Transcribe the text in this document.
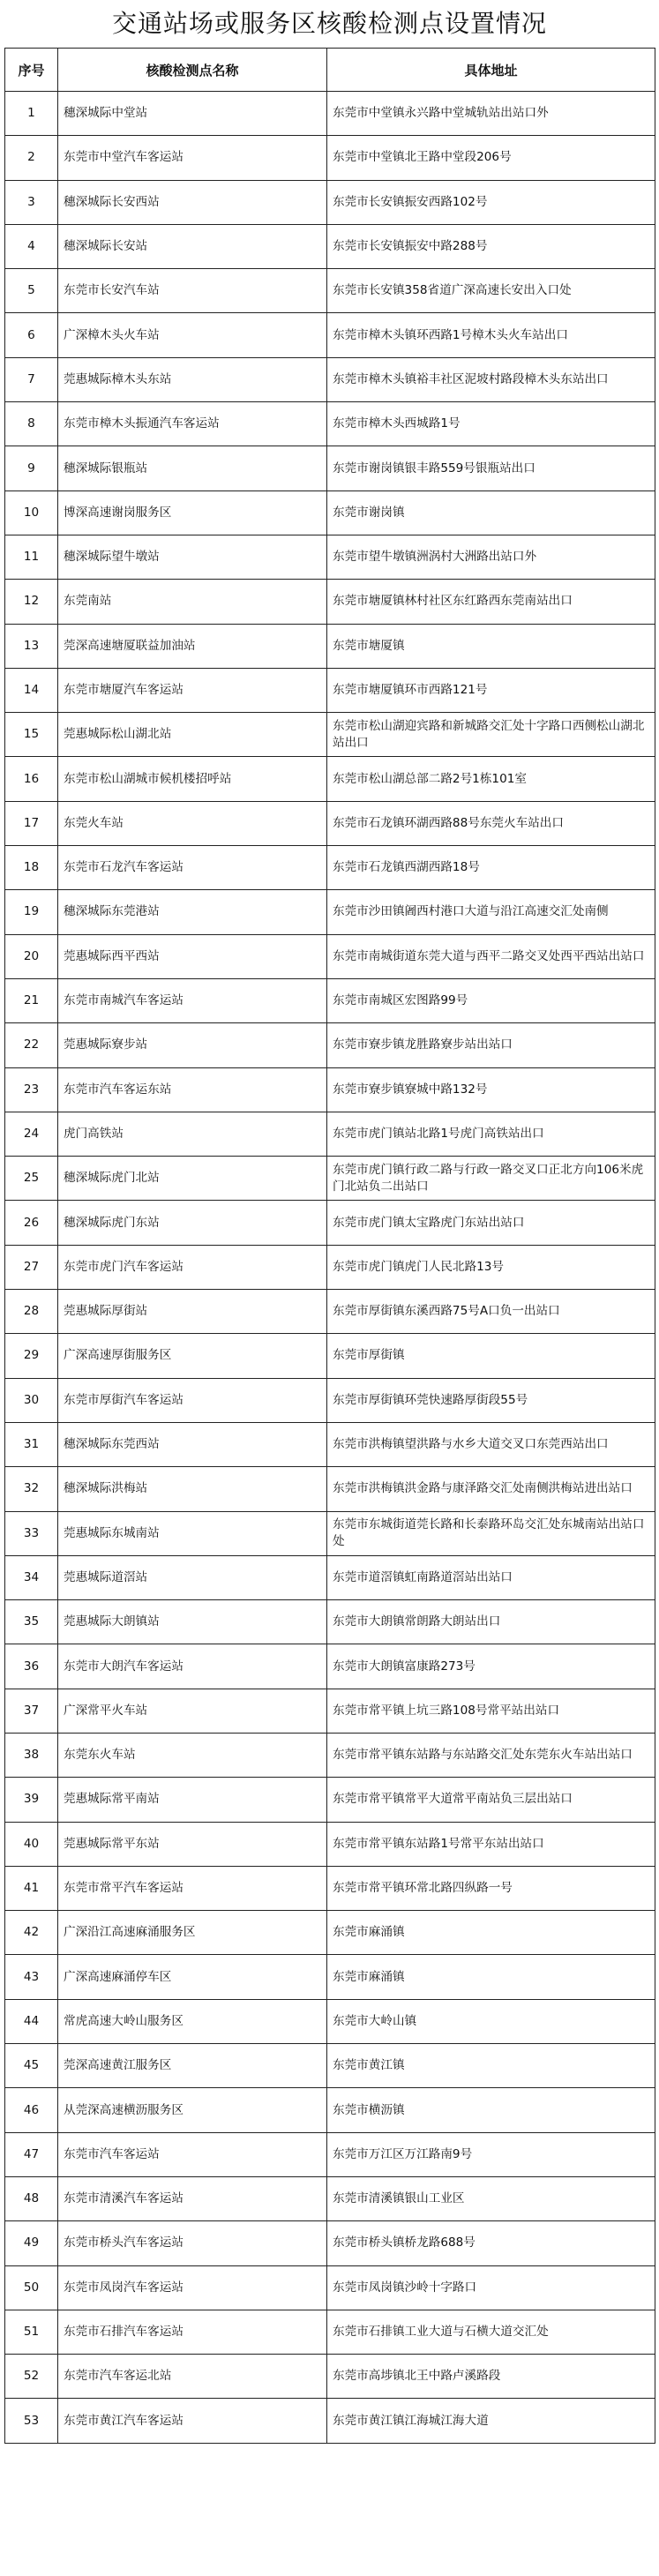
交通站场或服务区核酸检测点设置情况
序号	核酸检测点名称	具体地址
1	穗深城际中堂站	东莞市中堂镇永兴路中堂城轨站出站口外
2	东莞市中堂汽车客运站	东莞市中堂镇北王路中堂段206号
3	穗深城际长安西站	东莞市长安镇振安西路102号
4	穗深城际长安站	东莞市长安镇振安中路288号
5	东莞市长安汽车站	东莞市长安镇358省道广深高速长安出入口处
6	广深樟木头火车站	东莞市樟木头镇环西路1号樟木头火车站出口
7	莞惠城际樟木头东站	东莞市樟木头镇裕丰社区泥坡村路段樟木头东站出口
8	东莞市樟木头振通汽车客运站	东莞市樟木头西城路1号
9	穗深城际银瓶站	东莞市谢岗镇银丰路559号银瓶站出口
10	博深高速谢岗服务区	东莞市谢岗镇
11	穗深城际望牛墩站	东莞市望牛墩镇洲涡村大洲路出站口外
12	东莞南站	东莞市塘厦镇林村社区东红路西东莞南站出口
13	莞深高速塘厦联益加油站	东莞市塘厦镇
14	东莞市塘厦汽车客运站	东莞市塘厦镇环市西路121号
15	莞惠城际松山湖北站	东莞市松山湖迎宾路和新城路交汇处十字路口西侧松山湖北站出口
16	东莞市松山湖城市候机楼招呼站	东莞市松山湖总部二路2号1栋101室
17	东莞火车站	东莞市石龙镇环湖西路88号东莞火车站出口
18	东莞市石龙汽车客运站	东莞市石龙镇西湖西路18号
19	穗深城际东莞港站	东莞市沙田镇阇西村港口大道与沿江高速交汇处南侧
20	莞惠城际西平西站	东莞市南城街道东莞大道与西平二路交叉处西平西站出站口
21	东莞市南城汽车客运站	东莞市南城区宏图路99号
22	莞惠城际寮步站	东莞市寮步镇龙胜路寮步站出站口
23	东莞市汽车客运东站	东莞市寮步镇寮城中路132号
24	虎门高铁站	东莞市虎门镇站北路1号虎门高铁站出口
25	穗深城际虎门北站	东莞市虎门镇行政二路与行政一路交叉口正北方向106米虎门北站负二出站口
26	穗深城际虎门东站	东莞市虎门镇太宝路虎门东站出站口
27	东莞市虎门汽车客运站	东莞市虎门镇虎门人民北路13号
28	莞惠城际厚街站	东莞市厚街镇东溪西路75号A口负一出站口
29	广深高速厚街服务区	东莞市厚街镇
30	东莞市厚街汽车客运站	东莞市厚街镇环莞快速路厚街段55号
31	穗深城际东莞西站	东莞市洪梅镇望洪路与水乡大道交叉口东莞西站出口
32	穗深城际洪梅站	东莞市洪梅镇洪金路与康泽路交汇处南侧洪梅站进出站口
33	莞惠城际东城南站	东莞市东城街道莞长路和长泰路环岛交汇处东城南站出站口处
34	莞惠城际道滘站	东莞市道滘镇虹南路道滘站出站口
35	莞惠城际大朗镇站	东莞市大朗镇常朗路大朗站出口
36	东莞市大朗汽车客运站	东莞市大朗镇富康路273号
37	广深常平火车站	东莞市常平镇上坑三路108号常平站出站口
38	东莞东火车站	东莞市常平镇东站路与东站路交汇处东莞东火车站出站口
39	莞惠城际常平南站	东莞市常平镇常平大道常平南站负三层出站口
40	莞惠城际常平东站	东莞市常平镇东站路1号常平东站出站口
41	东莞市常平汽车客运站	东莞市常平镇环常北路四纵路一号
42	广深沿江高速麻涌服务区	东莞市麻涌镇
43	广深高速麻涌停车区	东莞市麻涌镇
44	常虎高速大岭山服务区	东莞市大岭山镇
45	莞深高速黄江服务区	东莞市黄江镇
46	从莞深高速横沥服务区	东莞市横沥镇
47	东莞市汽车客运站	东莞市万江区万江路南9号
48	东莞市清溪汽车客运站	东莞市清溪镇银山工业区
49	东莞市桥头汽车客运站	东莞市桥头镇桥龙路688号
50	东莞市凤岗汽车客运站	东莞市凤岗镇沙岭十字路口
51	东莞市石排汽车客运站	东莞市石排镇工业大道与石横大道交汇处
52	东莞市汽车客运北站	东莞市高埗镇北王中路卢溪路段
53	东莞市黄江汽车客运站	东莞市黄江镇江海城江海大道
